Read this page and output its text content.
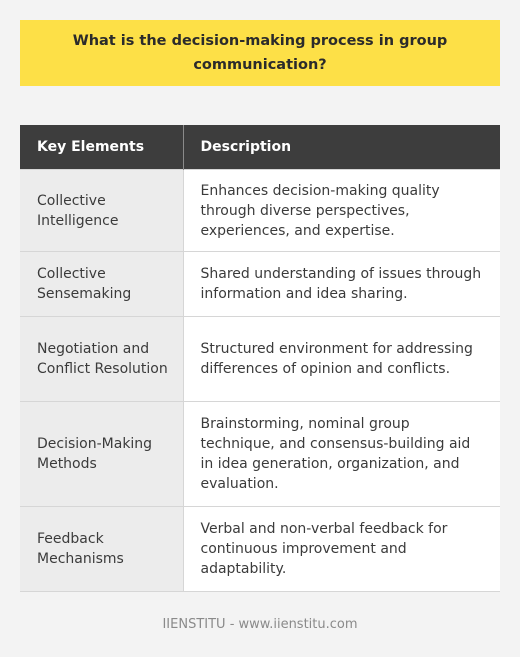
What is the decision-making process in group communication?
Key Elements	Description
Collective Intelligence	Enhances decision-making quality through diverse perspectives, experiences, and expertise.
Collective Sensemaking	Shared understanding of issues through information and idea sharing.
Negotiation and Conflict Resolution	Structured environment for addressing differences of opinion and conflicts.
Decision-Making Methods	Brainstorming, nominal group technique, and consensus-building aid in idea generation, organization, and evaluation.
Feedback Mechanisms	Verbal and non-verbal feedback for continuous improvement and adaptability.
IIENSTITU - www.iienstitu.com
